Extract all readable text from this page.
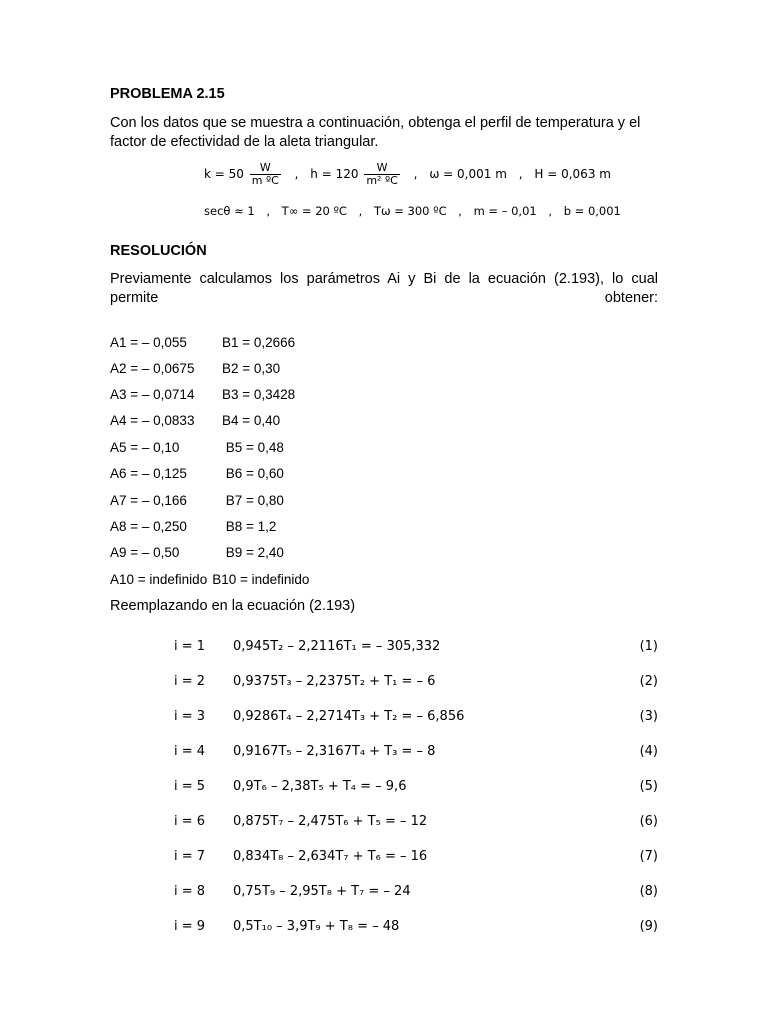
PROBLEMA 2.15
Con los datos que se muestra a continuación, obtenga el perfil de temperatura y el factor de efectividad de la aleta triangular.
$k = 50 \frac{W}{\text{m ºC}}$ , $h = 120 \frac{W}{\text{m² ºC}}$ , ω = 0,001 m , H = 0,063 m
secθ ≈ 1 , T∞ = 20 ºC , Tω = 300 ºC , m = – 0,01 , b = 0,001
RESOLUCIÓN
Previamente calculamos los parámetros Ai y Bi de la ecuación (2.193), lo cual permite obtener:
A1 = – 0,055	B1 = 0,2666
A2 = – 0,0675 B2 = 0,30
A3 = – 0,0714 B3 = 0,3428
A4 = – 0,0833 B4 = 0,40
A5 = – 0,10	B5 = 0,48
A6 = – 0,125	B6 = 0,60
A7 = – 0,166	B7 = 0,80
A8 = – 0,250	B8 = 1,2
A9 = – 0,50	B9 = 2,40
A10 = indefinido B10 = indefinido
Reemplazando en la ecuación (2.193)
i = 1 0,945T₂ – 2,2116T₁ = – 305,332	(1)
i = 2 0,9375T₃ – 2,2375T₂ + T₁ = – 6	(2)
i = 3 0,9286T₄ – 2,2714T₃ + T₂ = – 6,856	(3)
i = 4 0,9167T₅ – 2,3167T₄ + T₃ = – 8	(4)
i = 5 0,9T₆ – 2,38T₅ + T₄ = – 9,6	(5)
i = 6 0,875T₇ – 2,475T₆ + T₅ = – 12	(6)
i = 7 0,834T₈ – 2,634T₇ + T₆ = – 16	(7)
i = 8 0,75T₉ – 2,95T₈ + T₇ = – 24	(8)
i = 9 0,5T₁₀ – 3,9T₉ + T₈ = – 48	(9)
